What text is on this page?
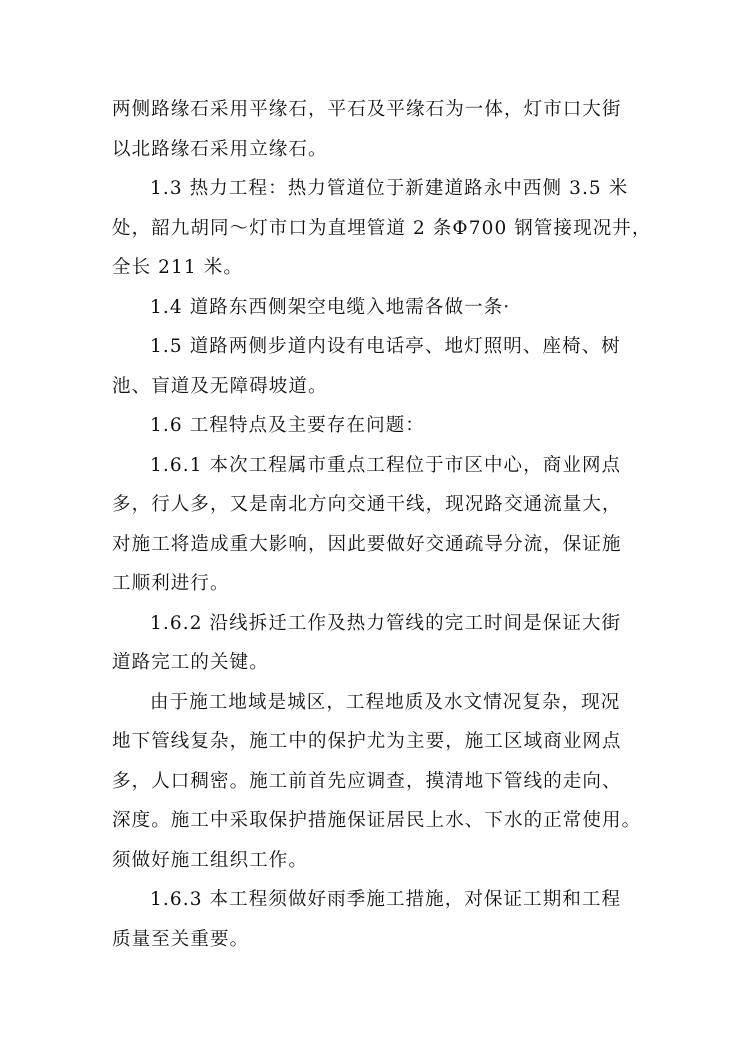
两侧路缘石采用平缘石，平石及平缘石为一体，灯市口大街
以北路缘石采用立缘石。
1.3 热力工程：热力管道位于新建道路永中西侧 3.5 米
处，韶九胡同～灯市口为直埋管道 2 条Φ700 钢管接现况井，
全长 211 米。
1.4 道路东西侧架空电缆入地需各做一条·
1.5 道路两侧步道内设有电话亭、地灯照明、座椅、树
池、盲道及无障碍坡道。
1.6 工程特点及主要存在问题：
1.6.1 本次工程属市重点工程位于市区中心，商业网点
多，行人多，又是南北方向交通干线，现况路交通流量大，
对施工将造成重大影响，因此要做好交通疏导分流，保证施
工顺利进行。
1.6.2 沿线拆迁工作及热力管线的完工时间是保证大街
道路完工的关键。
由于施工地域是城区，工程地质及水文情况复杂，现况
地下管线复杂，施工中的保护尤为主要，施工区域商业网点
多，人口稠密。施工前首先应调查，摸清地下管线的走向、
深度。施工中采取保护措施保证居民上水、下水的正常使用。
须做好施工组织工作。
1.6.3 本工程须做好雨季施工措施，对保证工期和工程
质量至关重要。
